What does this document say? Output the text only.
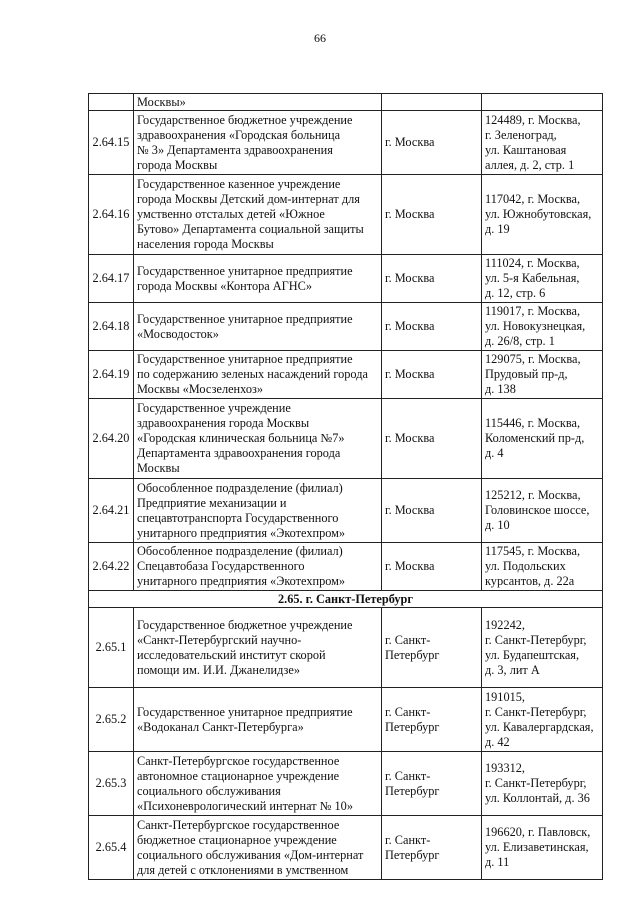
66

	Москвы»		

2.64.15	Государственное бюджетное учреждение
здравоохранения «Городская больница
№ 3» Департамента здравоохранения
города Москвы	г. Москва	124489, г. Москва,
г. Зеленоград,
ул. Каштановая
аллея, д. 2, стр. 1

2.64.16	Государственное казенное учреждение
города Москвы Детский дом-интернат для
умственно отсталых детей «Южное
Бутово» Департамента социальной защиты
населения города Москвы	г. Москва	117042, г. Москва,
ул. Южнобутовская,
д. 19

2.64.17	Государственное унитарное предприятие
города Москвы «Контора АГНС»	г. Москва	111024, г. Москва,
ул. 5-я Кабельная,
д. 12, стр. 6

2.64.18	Государственное унитарное предприятие
«Мосводосток»	г. Москва	119017, г. Москва,
ул. Новокузнецкая,
д. 26/8, стр. 1

2.64.19	Государственное унитарное предприятие
по содержанию зеленых насаждений города
Москвы «Мосзеленхоз»	г. Москва	129075, г. Москва,
Прудовый пр-д,
д. 138

2.64.20	Государственное учреждение
здравоохранения города Москвы
«Городская клиническая больница №7»
Департамента здравоохранения города
Москвы	г. Москва	115446, г. Москва,
Коломенский пр-д,
д. 4

2.64.21	Обособленное подразделение (филиал)
Предприятие механизации и
спецавтотранспорта Государственного
унитарного предприятия «Экотехпром»	г. Москва	125212, г. Москва,
Головинское шоссе,
д. 10

2.64.22	Обособленное подразделение (филиал)
Спецавтобаза Государственного
унитарного предприятия «Экотехпром»	г. Москва	117545, г. Москва,
ул. Подольских
курсантов, д. 22а

2.65. г. Санкт-Петербург			
2.65.1	Государственное бюджетное учреждение
«Санкт-Петербургский научно-
исследовательский институт скорой
помощи им. И.И. Джанелидзе»	г. Санкт-
Петербург	192242,
г. Санкт-Петербург,
ул. Будапештская,
д. 3, лит А

2.65.2	Государственное унитарное предприятие
«Водоканал Санкт-Петербурга»	г. Санкт-
Петербург	191015,
г. Санкт-Петербург,
ул. Кавалергардская,
д. 42

2.65.3	Санкт-Петербургское государственное
автономное стационарное учреждение
социального обслуживания
«Психоневрологический интернат № 10»	г. Санкт-
Петербург	193312,
г. Санкт-Петербург,
ул. Коллонтай, д. 36

2.65.4	Санкт-Петербургское государственное
бюджетное стационарное учреждение
социального обслуживания «Дом-интернат
для детей с отклонениями в умственном	г. Санкт-
Петербург	196620, г. Павловск,
ул. Елизаветинская,
д. 11
